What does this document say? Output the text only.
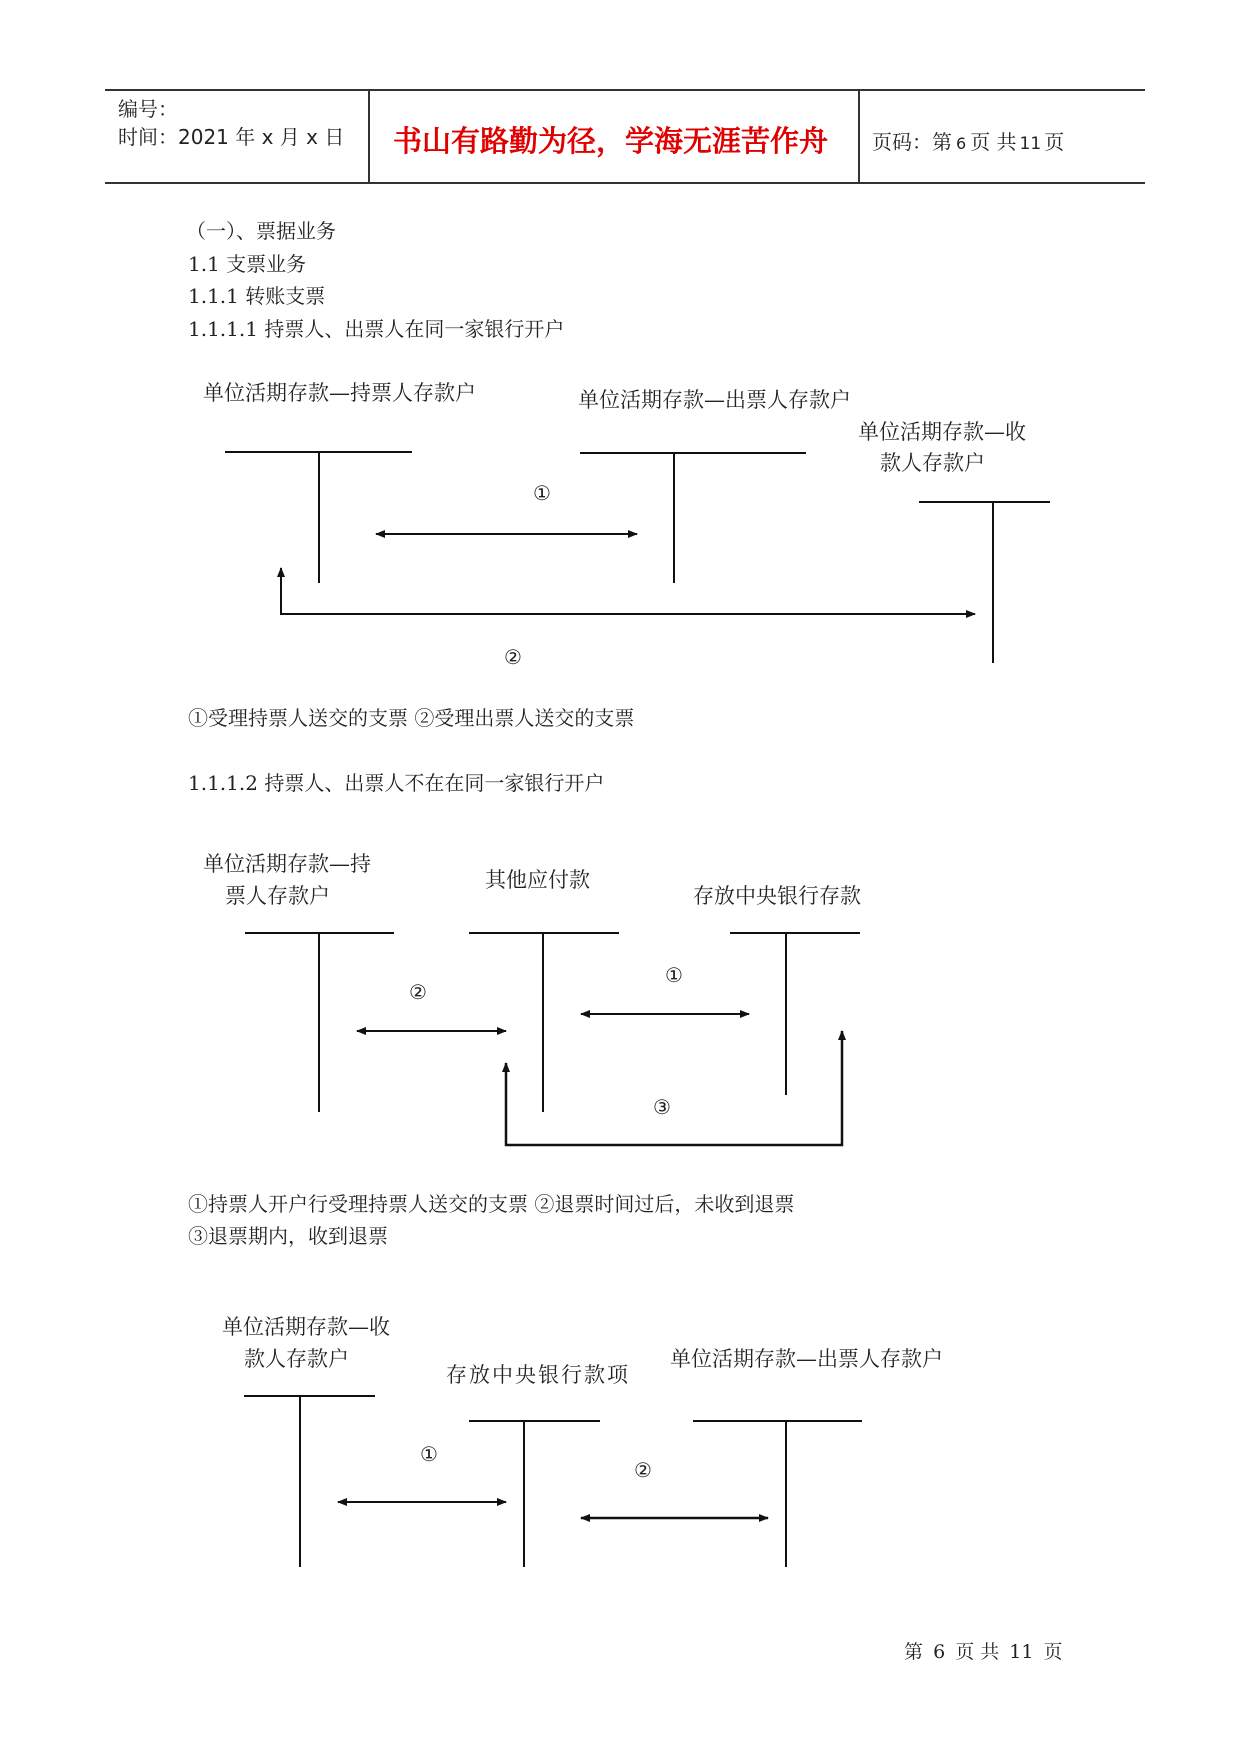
编号：
时间：2021 年 x 月 x 日 书山有路勤为径，学海无涯苦作舟 页码：第 6 页 共 11 页
（一）、票据业务
1.1 支票业务
1.1.1 转账支票
1.1.1.1 持票人、出票人在同一家银行开户
单位活期存款—持票人存款户	单位活期存款—出票人存款户
单位活期存款—收
款人存款户
①
②
①受理持票人送交的支票 ②受理出票人送交的支票
1.1.1.2 持票人、出票人不在在同一家银行开户
单位活期存款—持
票人存款户
其他应付款
存放中央银行存款
②
①
③
①持票人开户行受理持票人送交的支票 ②退票时间过后，未收到退票
③退票期内，收到退票
单位活期存款—收
款人存款户
存放中央银行款项
单位活期存款—出票人存款户
①
②
第 6 页 共 11 页
